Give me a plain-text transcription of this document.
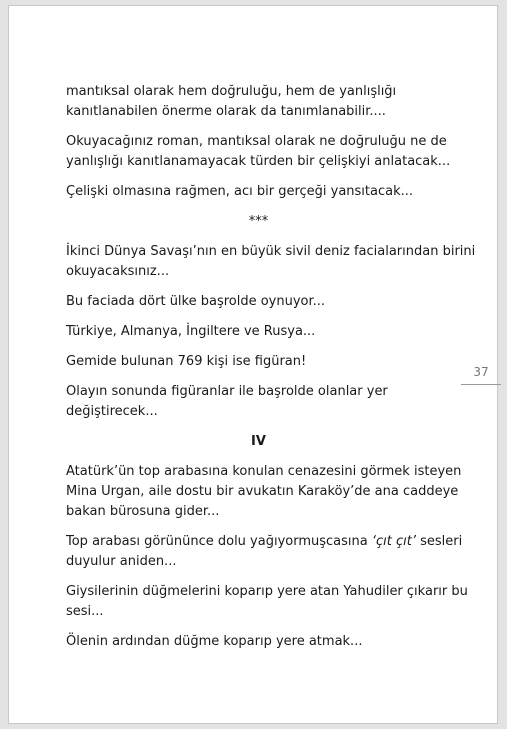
mantıksal olarak hem doğruluğu, hem de yanlışlığı
kanıtlanabilen önerme olarak da tanımlanabilir....

Okuyacağınız roman, mantıksal olarak ne doğruluğu ne de
yanlışlığı kanıtlanamayacak türden bir çelişkiyi anlatacak...

Çelişki olmasına rağmen, acı bir gerçeği yansıtacak...

***

İkinci Dünya Savaşı’nın en büyük sivil deniz facialarından birini
okuyacaksınız...

Bu faciada dört ülke başrolde oynuyor...

Türkiye, Almanya, İngiltere ve Rusya...

Gemide bulunan 769 kişi ise figüran!

Olayın sonunda figüranlar ile başrolde olanlar yer
değiştirecek...

IV

Atatürk’ün top arabasına konulan cenazesini görmek isteyen
Mina Urgan, aile dostu bir avukatın Karaköy’de ana caddeye
bakan bürosuna gider...

Top arabası görününce dolu yağıyormuşcasına ‘çıt çıt’ sesleri
duyulur aniden...

Giysilerinin düğmelerini koparıp yere atan Yahudiler çıkarır bu
sesi...

Ölenin ardından düğme koparıp yere atmak...

37
